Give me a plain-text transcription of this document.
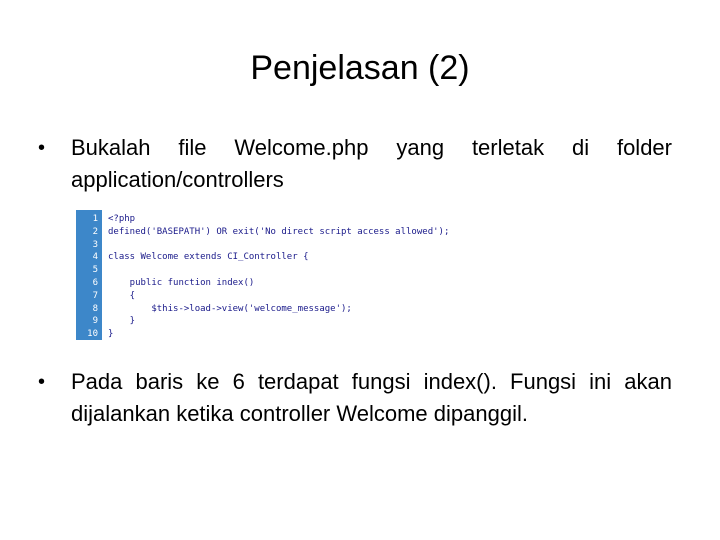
Penjelasan (2)
•	Bukalah file Welcome.php yang terletak di folder application/controllers
1
2
3
4
5
6
7
8
9
10
<?php
defined('BASEPATH') OR exit('No direct script access allowed');
class Welcome extends CI_Controller {
public function index()
{
$this->load->view('welcome_message');
}
}
•	Pada baris ke 6 terdapat fungsi index(). Fungsi ini akan dijalankan ketika controller Welcome dipanggil.
